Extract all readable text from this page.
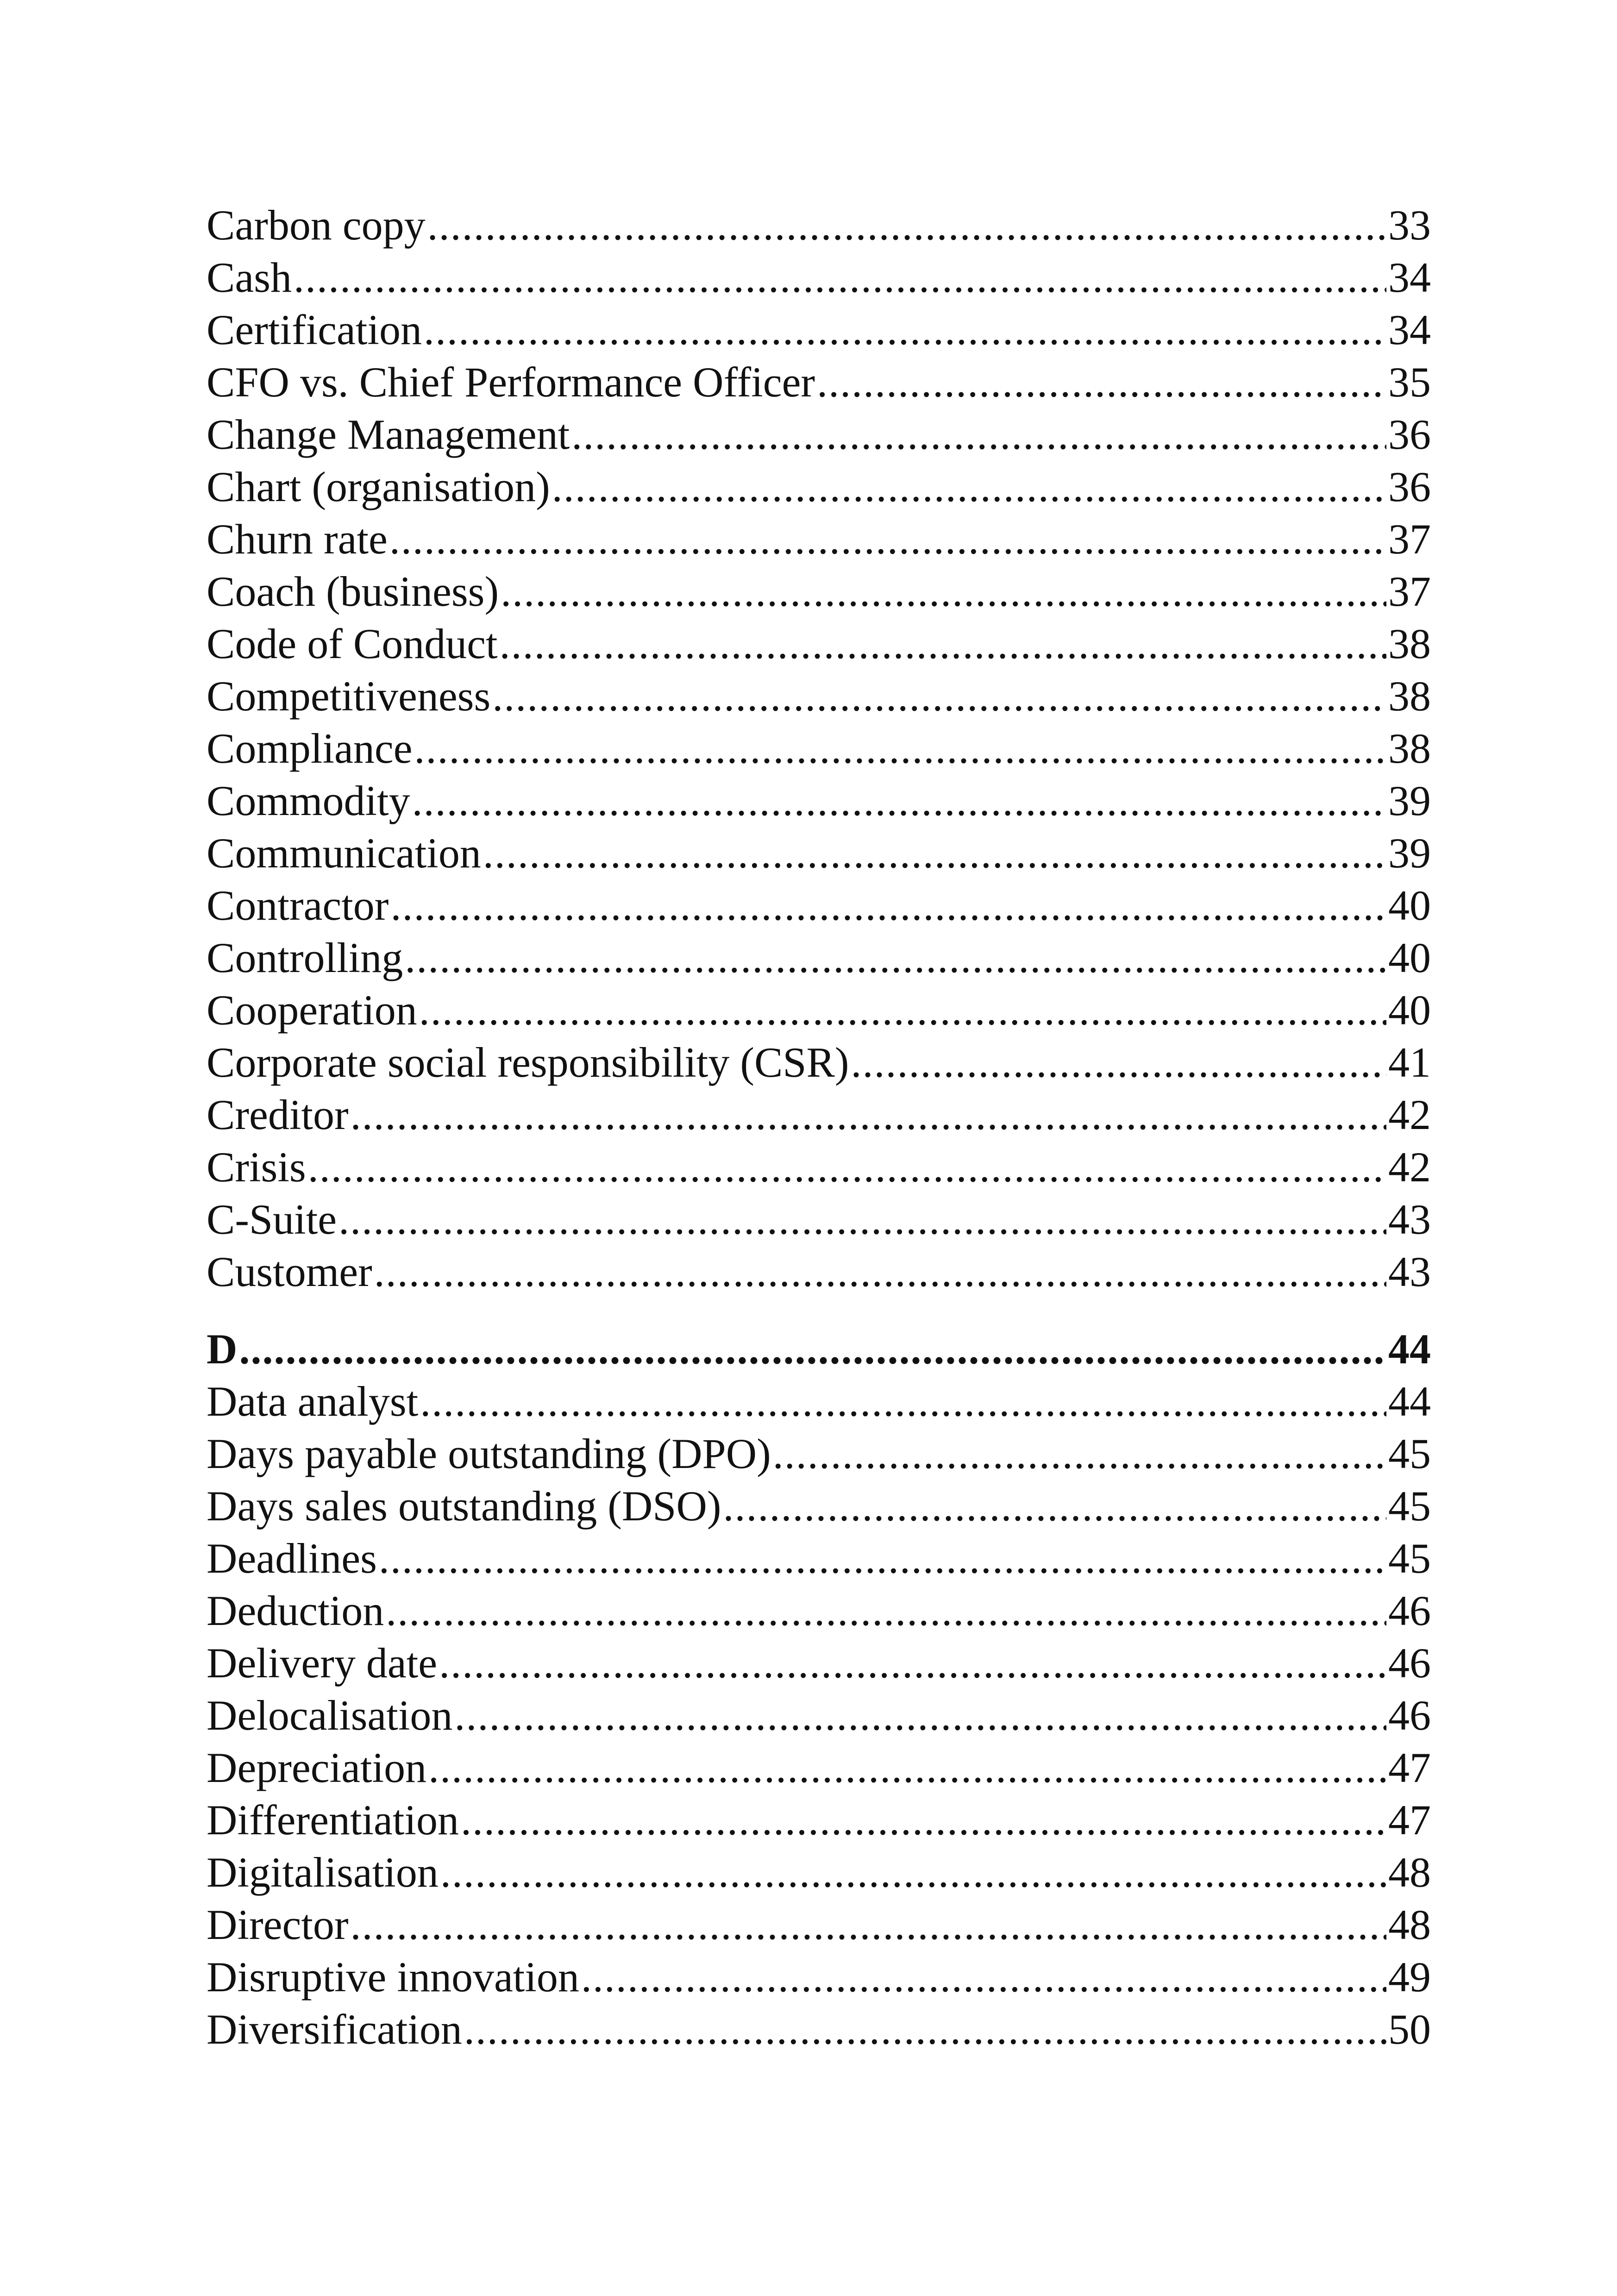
Carbon copy .....	33
Cash .....	34
Certification .....	34
CFO vs. Chief Performance Officer .....	35
Change Management .....	36
Chart (organisation) .....	36
Churn rate .....	37
Coach (business) .....	37
Code of Conduct .....	38
Competitiveness .....	38
Compliance .....	38
Commodity .....	39
Communication .....	39
Contractor .....	40
Controlling .....	40
Cooperation .....	40
Corporate social responsibility (CSR) .....	41
Creditor .....	42
Crisis .....	42
C-Suite .....	43
Customer .....	43
D .....	44
Data analyst .....	44
Days payable outstanding (DPO) .....	45
Days sales outstanding (DSO) .....	45
Deadlines .....	45
Deduction .....	46
Delivery date .....	46
Delocalisation .....	46
Depreciation .....	47
Differentiation .....	47
Digitalisation .....	48
Director .....	48
Disruptive innovation .....	49
Diversification .....	50
